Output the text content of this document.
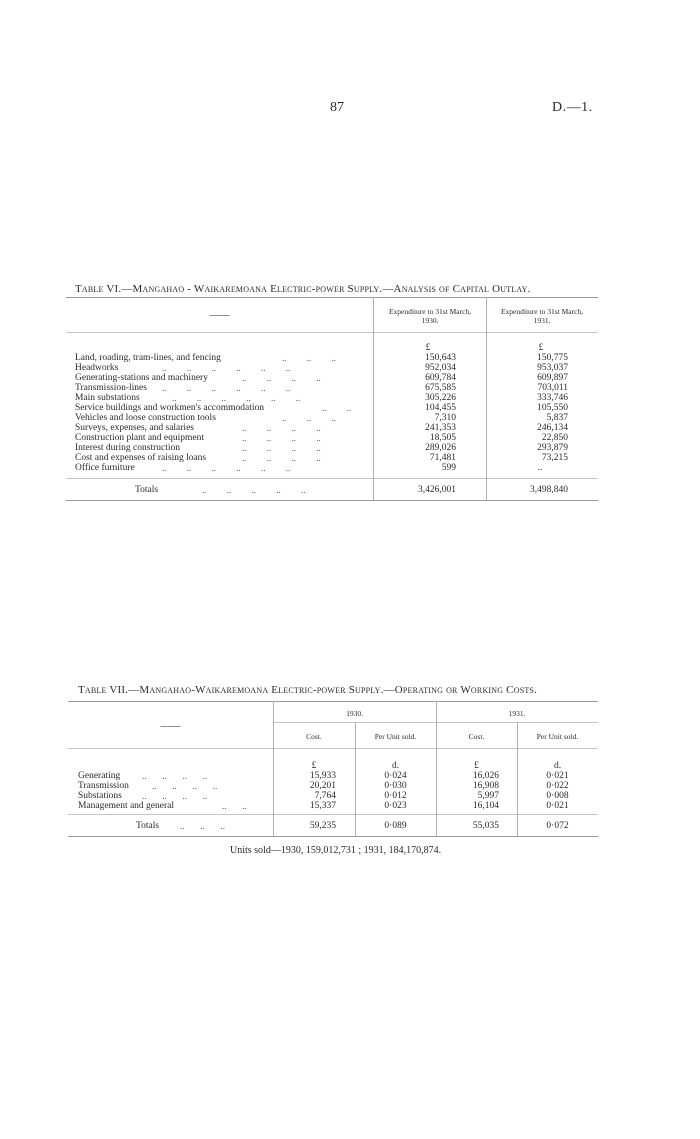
87	D.—1.
Table VI.—Mangahao - Waikaremoana Electric-power Supply.—Analysis of Capital Outlay.
——	Expenditure to 31st March, 1930.
Expenditure to 31st March, 1931.
£	£
Land, roading, tram-lines, and fencing	..         ..         ..	150,643	150,775
Headworks	..         ..         ..         ..         ..         ..	952,034	953,037
Generating-stations and machinery	..         ..         ..         ..	609,784	609,897
Transmission-lines ..         ..         ..         ..         ..         ..	675,585	703,011
Main substations	..         ..         ..         ..         ..         ..	305,226	333,746
Service buildings and workmen's accommodation	..         ..	104,455	105,550
Vehicles and loose construction tools	..         ..         ..	7,310	5,837
Surveys, expenses, and salaries	..         ..         ..         ..	241,353	246,134
Construction plant and equipment	..         ..         ..         ..	18,505	22,850
Interest during construction	..         ..         ..         ..	289,026	293,879
Cost and expenses of raising loans	..         ..         ..         ..	71,481	73,215
Office furniture	..         ..         ..         ..         ..         ..	599	..
Totals	..         ..         ..         ..         ..	3,426,001	3,498,840
Table VII.—Mangahao-Waikaremoana Electric-power Supply.—Operating or Working Costs.
——
1930.	1931.
Cost.	Per Unit sold.	Cost.	Per Unit sold.
£	d.	£	d.
Generating ..       ..       ..       ..	15,933	0·024	16,026	0·021
Transmission	..       ..       ..       ..	20,201	0·030	16,908	0·022
Substations ..       ..       ..       ..	7,764	0·012	5,997	0·008
Management and general	..       ..	15,337	0·023	16,104	0·021
Totals ..       ..       ..	59,235	0·089	55,035	0·072
Units sold—1930, 159,012,731 ; 1931, 184,170,874.
